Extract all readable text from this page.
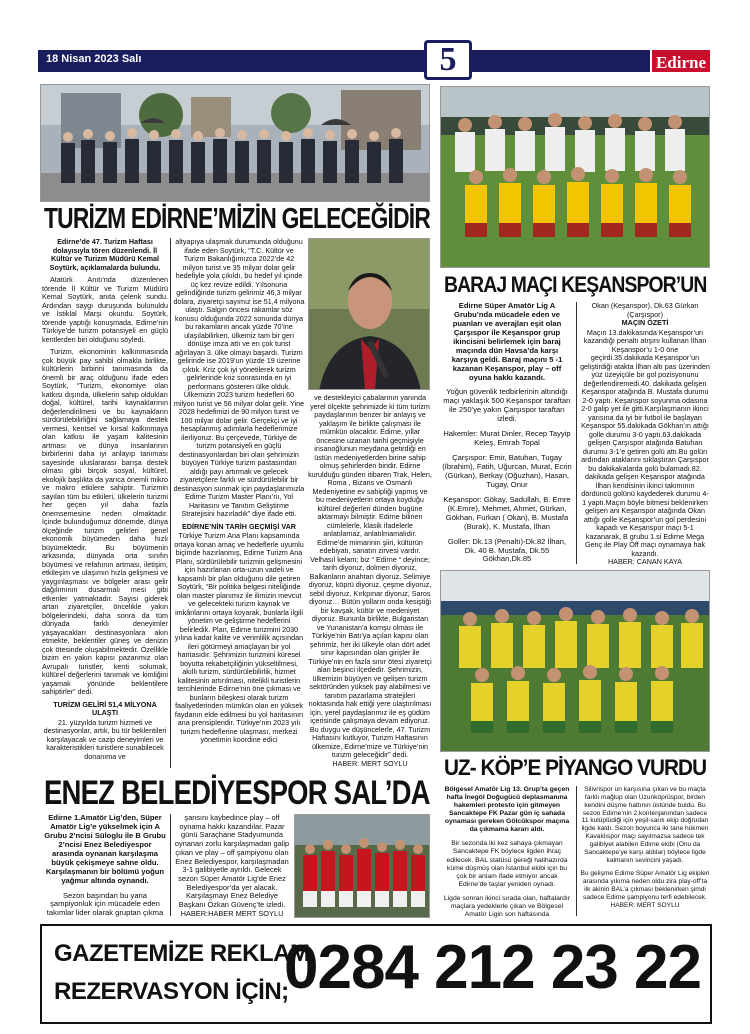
18 Nisan 2023 Salı	5	Edirne
TURİZM EDİRNE’MİZİN GELECEĞİDİR

Edirne’de 47. Turizm Haftası dolayısıyla tören düzenlendi. İl Kültür ve Turizm Müdürü Kemal Soytürk, açıklamalarda bulundu.

Atatürk Anıtı’nda düzenlenen törende İl Kültür ve Turizm Müdürü Kemal Soytürk, anıta çelenk sundu. Ardından saygı duruşunda bulunuldu ve İstiklal Marşı okundu. Soytürk, törende yaptığı konuşmada, Edirne’nin Türkiye’de turizm potansiyeli en güçlü kentlerden biri olduğunu söyledi.

Turizm, ekonominin kalkınmasında çok büyük pay sahibi olmakla birlikte, kültürlerin birbirini tanımasında da önemli bir araç olduğunu ifade eden Soytürk, “Turizm, ekonomiye olan katkısı dışında, ülkelerin sahip oldukları doğal, kültürel, tarihi kaynaklarının değerlendirilmesi ve bu kaynakların sürdürülebilirliğini sağlamaya destek vermesi, kentsel ve kırsal kalkınmaya olan katkısı ile yaşam kalitesinin artması ve dünya insanlarının birbirlerini daha iyi anlayıp tanıması sayesinde uluslararası barışa destek olması gibi birçok sosyal, kültürel, ekolojik başlıkta da yarıca önemli mikro ve makro etkilere sahiptir. Turizmin sayılan tüm bu etkileri, ülkelerin turizmi her geçen yıl daha fazla önemsemesine neden olmaktadır. İçinde bulunduğumuz dönemde, dünya ölçeğinde turizm gelirleri genel ekonomik büyümeden daha hızlı büyümektedir. Bu büyümenin arkasında, dünyada orta sınıfın büyümesi ve refahının artması, iletişim, etkileşim ve ulaşımın hızla gelişmesi ve yaygınlaşması ve bölgeler arası gelir dağılımının dusarmalı mesi gibi etkenler yatmaktadır. Sayısı giderek artan ziyaretçiler, öncelikle yakın bölgelerindeki, daha sonra da tüm dünyada farklı deneyimler yaşayacakları destinasyonlara akın etmekte, beklentiler güneş ve denizin çok ötesinde oluşabilmektedir. Özellikle bizim en yakın kapısı pazarımız olan Avrupalı turistler, kenti solumak, kültürel değerlerini tanımak ve kimliğini yaşamak yönünde beklentilere sahiptirler” dedi.

TURİZM GELİRİ 51,4 MİLYONA ULAŞTI

21. yüzyılda turizm hizmeti ve destinasyonlar, artık, bu tür beklentileri karşılayacak ve cazip deneyimleri ve karakteristikleri turistlere sunabilecek donanıma ve

altyapıya ulaşmak durumunda olduğunu ifade eden Soytürk, “T.C. Kültür ve Turizm Bakanlığımızca 2022’de 42 milyon turist ve 35 milyar dolar gelir hedefiyle yola çıkıldı, bu hedef yıl içinde üç kez revize edildi. Yılsonuna gelindiğinde turizm gelirimiz 46,3 milyar dolara, ziyaretçi sayımız ise 51,4 milyona ulaştı. Salgın öncesi rakamlar söz konusu olduğunda 2022 sonunda dünya bu rakamların ancak yüzde 70’ine ulaşılabilirken, ülkemiz tam bir geri dönüşe imza attı ve en çok turist ağırlayan 3. ülke olmayı başardı. Turizm gelirinde ise 2019’un yüzde 19 üzerine çıktık. Kriz çok iyi yönetilerek turizm gelirlerinde kriz sonrasında en iyi performans gösteren ülke olduk. Ülkemizin 2023 turizm hedefleri 60 milyon turist ve 56 milyar dolar gelir. Yine 2028 hedefimizi de 90 milyon turist ve 100 milyar dolar gelir. Gerçekçi ve iyi hesaplanmış adımlarla hedeflerimize ilerliyoruz. Bu çerçevede, Türkiye de turizm potansiyeli en güçlü destinasyonlardan biri olan şehrimizin büyüyen Türkiye turizm pastasından aldığı payı artırmak ve gelecek ziyaretçilere farklı ve sürdürülebilir bir destinasyon sunmak için paydaşlarımızla Edirne Turizm Master Planı’nı, Yol Haritasını ve Tanıtım Geliştirme Stratejisini hazırladık” diye ifade etti.

EDİRNE’NİN TARİH GEÇMİŞİ VAR

Türkiye Turizm Ana Planı kapsamında ortaya konan amaç ve hedeflerle uyumlu biçimde hazırlanmış, Edirne Turizm Ana Planı, sürdürülebilir turizmin gelişmesini için hazırlanan orta-uzun vadeli ve kapsamlı bir plan olduğunu dile getiren Soytürk, “Bir politika belgesi niteliğinde olan master planımız ile ilimizin mevcut ve gelecekteki turizm kaynak ve imkânlarını ortaya koyarak, bunlarla ilgili yönetim ve geliştirme hedeflerini belirledik. Plan, Edirne turizmini 2030 yılına kadar kalite ve verimlilik açısından ileri götürmeyi amaçlayan bir yol haritasıdır. Şehrimizin turizmini küresel boyutta rekabetçiliğinin yükseltilmesi, akıllı turizm, sürdürülebilirlik, hizmet kalitesinin artırılması, nitelikli turistlerin tercihlerinde Edirne’nin öne çıkması ve bunların bileşkesi olarak turizm faaliyetlerinden mümkün olan en yüksek faydanın elde edilmesi bu yol haritasının ana prensipleridir. Türkiye’nin 2023 yılı turizm hedeflerine ulaşması, merkezi yönetimin koordine edici

ve destekleyici çabalarının yanında yerel ölçekte şehrimizde ki tüm turizm paydaşlarının benzer bir anlayış ve yaklaşım ile birlikte çalışması ile mümkün olacaktır. Edirne, yıllar öncesine uzanan tarihi geçmişiyle insanoğlunun meydana getirdiği en üstün medeniyetlerden birine sahip olmuş şehirlerden biridir. Edirne kurulduğu günden itibaren Trak, Helen, Roma , Bizans ve Osmanlı Medeniyetine ev sahipliği yapmış ve bu medeniyetlerin ortaya koyduğu kültürel değerleri dünden bugüne aktarmayı bilmiştir. Edirne bilinen cümlelerle, klasik ifadelerle anlatılamaz, anlatılmamalıdır. Edirne’de mimarinin şiiri, kültürün edebiyatı, sanatın zirvesi vardır. Velhasıl kelam; biz “ Edirne “ deyince; tarih diyoruz, dolmen diyoruz, Balkanların anahtarı diyoruz, Selimiye diyoruz, köprü diyoruz, çeşme diyoruz, sebil diyoruz, Kırkpınar diyoruz, Saros diyoruz… Bütün yolların onda kesiştiği bir kavşak, kültür ve medeniyet diyoruz. Bununla birlikte, Bulgaristan ve Yunanistan’a komşu olması ile Türkiye’nin Batı’ya açılan kapısı olan şehrimiz, her iki ülkeyle olan dört adet sınır kapısından olan girişler ile Türkiye’nin en fazla sınır ötesi ziyaretçi alan beşinci ilçededir. Şehrimizin, ülkemizin büyüyen ve gelişen turizm sektöründen yüksek pay alabilmesi ve tanıtım pazarlama stratejileri noktasında hak ettiği yere ulaştırılması için, yerel paydaşlarımız ile eş güdüm içerisinde çalışmaya devam ediyoruz. Bu duygu ve düşüncelerle, 47. Turizm Haftasını kutluyor, Turizm Haftasının ülkemize, Edirne’mize ve Türkiye’nin turizm geleceğidir” dedi.

HABER: MERT SOYLU

BARAJ MAÇI KEŞANSPOR’UN

Edirne Süper Amatör Lig A Grubu’nda mücadele eden ve puanları ve averajları eşit olan Çarşıspor ile Keşanspor grup ikincisini belirlemek için baraj maçında dün Havsa’da karşı karşıya geldi. Baraj maçını 5 -1 kazanan Keşanspor, play – off oyuna hakkı kazandı.

Yoğun güvenlik tedbirlerinin altındığı maçı yaklaşık 500 Keşanspor taraftarı ile 250’ye yakın Çarşıspor taraftarı izledi.

Hakemler: Murat Dinler, Recep Tayyip Keleş, Emrah Topal

Çarşıspor: Emir, Batuhan, Tugay (İbrahim), Fatih, Uğurcan, Murat, Ecrin (Gürkan), Berkay (Oğuzhan), Hasan, Tugay, Onur

Keşanspor: Gökay, Sadullah, B. Emre (K.Emre), Mehmet, Ahmet, Gürkan, Gökhan, Furkan ( Okan), B. Mustafa (Burak), K. Mustafa, İlhan

Goller: Dk.13 (Penaltı)-Dk.82 İlhan, Dk. 40 B. Mustafa, Dk.55 Gökhan,Dk.85

Okan (Keşanspor), Dk.63 Gürkan (Çarşıspor)

MAÇIN ÖZETİ

Maçın 13.dakikasında Keşanspor’un kazandığı penaltı atışını kullanan İlhan Keşanspor’u 1-0 öne geçirdi.35.dakikada Keşanspor’un geliştirdiği atakta İlhan altı pas üzerinden yüz üzeyiçüle bir gol pozisyonunu değerlendiremedi.40. dakikada gelişen Keşanspor atağında B. Mustafa durumu 2-0 yaptı. Keşanspor soyunma odasına 2-0 galip yet ile gitti.Karşılaşmanın ikinci yarısına da iyi bir futbol ile başlayan Keşanspor 55.dakikada Gökhan’ın attığı golle durumu 3-0 yaptı.63.dakikada gelişen Çarşıspor atağında Batuhan durumu 3-1’e getiren golü attı.Bu golün ardından ataklarını sıklaştıran Çarşıspor bu dakikakalarda golü bulamadı.82. dakikada gelişen Keşanspor atağında İlhan kendisinin ikinci takımının dördüncü golünü kaydederek durumu 4-1 yaptı.Maçın böyle bitmesi beklenirken gelişen ani Keşanspor atağında Okan attığı golle Keşanspor’un gol perdesini kapadı ve Keşanspor maçı 5-1 kazanarak, B grubu 1.si Edirne Mega Genç ile Play Off maçı oynamaya hak kazandı.

HABER: CANAN KAYA

UZ- KÖP’E PİYANGO VURDU

Bölgesel Amatör Lig 13. Grup’ta geçen hafta İnegöl Doğugücü deplasmanına hakemleri protesto için gitmeyen Sancaktepe FK Pazar gün iç sahada oynaması gereken Gölcükspor maçına da çıkmama kararı aldı.

Bir sezonda iki kez sahaya çıkmayan Sancaktepe FK böylece ligden ihraç edilecek. BAL statüsü gereği halihazırda küme düşmüş olan İstanbul ekibi için bu çok bir anlam ifade etmiyor ancak Edirne’de taşlar yeniden oynadı.

Ligde sonran ikinci sırada olan, haftalardır maçlara yedeklerle çıkan ve Bölgesel Amatör Ligin son haftasında

Silivrispor un karşısına çıkan ve bu maçta farklı mağlup olan Uzunköprüspor, birden kendini düşme hattının üstünde buldu. Bu sezon Edirne’nin 2.kontenjanından sadece 11 kulüplüdiği için yeşil-sarılı ekip doğrudan ligde kaldı. Sezon boyunca iki tane hükmen Kavaklıspor maçı sayılmazsa sadece tek galibiyet alabilen Edirne ekibi (Onu da Sancaktepe’ye karşı aldılar) böylece ligde kalmanın sevincini yaşadı.

Bu gelişme Edirne Süper Amatör Lig ekipleri arasında yıkıma neden oldu zira play-off’ta ilk akinin BAL’a çıkması beklenirken şimdi sadece Edirne şampiyonu terfi edebilecek.

HABER: MERT SOYLU

ENEZ BELEDİYESPOR SAL’DA

Edirne 1.Amatör Lig’den, Süper Amatör Lig’e yükselmek için A Grubu 2’ncisi Süloglu ile B Grubu 2’ncisi Enez Belediyespor arasında oynanan karşılaşma büyük çekişmeye sahne oldu. Karşılaşmanın bir bölümü yoğun yağmur altında oynandı.

Sezon başından bu yana şampiyonluk için mücadele eden takımlar lider olarak gruptan çıkma

şansını kaybedince play – off oynama hakkı kazandılar. Pazar günü Saraçhane Stadyumunda oynanan zorlu karşılaşmadan galip çıkan ve play – off şampiyonu olan Enez Belediyespor, karşılaşmadan 3-1 galibiyetle ayrıldı. Gelecek sezon Süper Amatör Lig’de Enez Belediyespor’da yer alacak. Karşılaşmayı Enez Belediye Başkanı Özkan Güvenç’te izledi.

HABER:HABER MERT SOYLU

GAZETEMİZE REKLAM
REZERVASYON İÇİN;
0284 212 23 22
